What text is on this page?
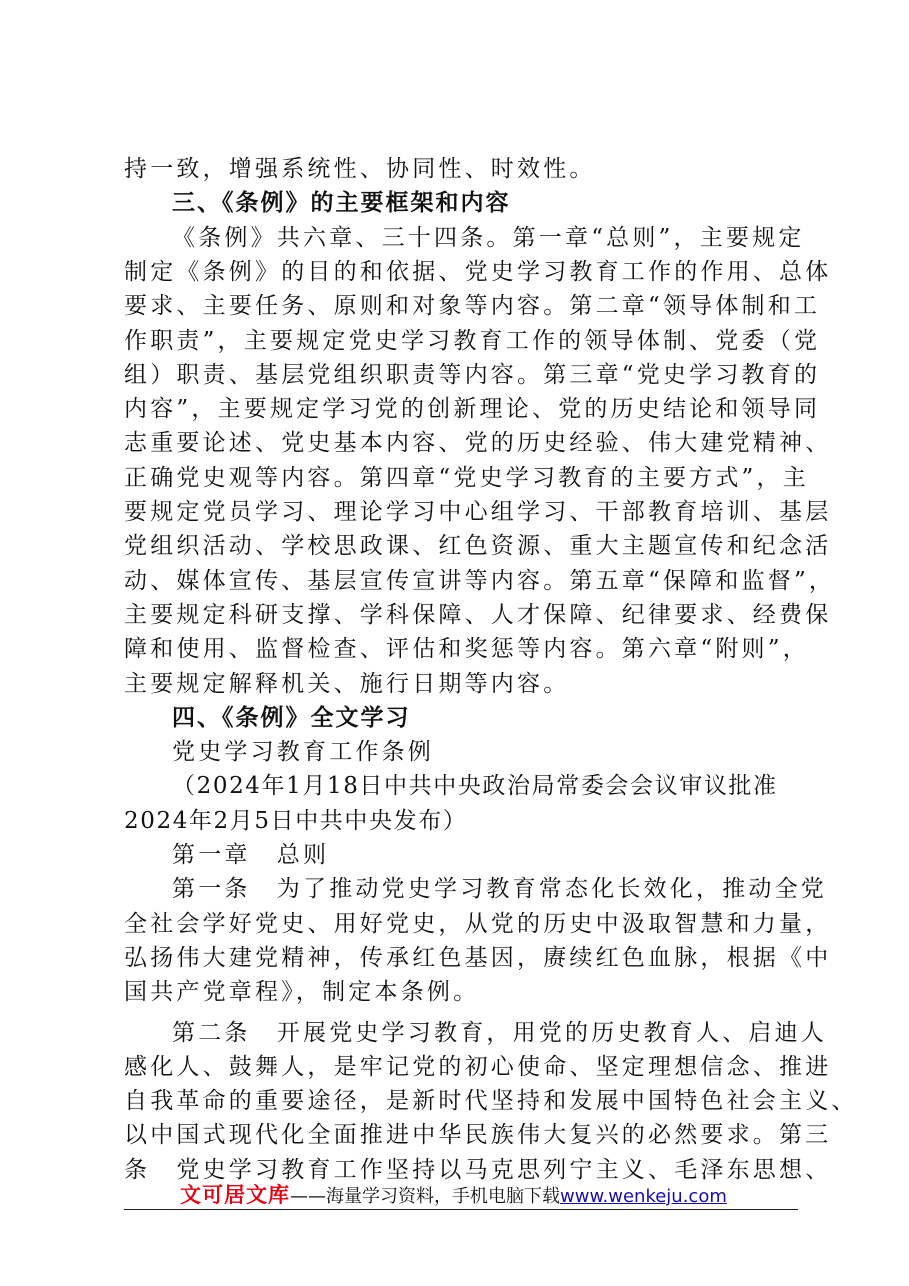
持一致，增强系统性、协同性、时效性。
三、《条例》的主要框架和内容
《条例》共六章、三十四条。第一章“总则”，主要规定
制定《条例》的目的和依据、党史学习教育工作的作用、总体
要求、主要任务、原则和对象等内容。第二章“领导体制和工
作职责”，主要规定党史学习教育工作的领导体制、党委（党
组）职责、基层党组织职责等内容。第三章“党史学习教育的
内容”，主要规定学习党的创新理论、党的历史结论和领导同
志重要论述、党史基本内容、党的历史经验、伟大建党精神、
正确党史观等内容。第四章“党史学习教育的主要方式”，主
要规定党员学习、理论学习中心组学习、干部教育培训、基层
党组织活动、学校思政课、红色资源、重大主题宣传和纪念活
动、媒体宣传、基层宣传宣讲等内容。第五章“保障和监督”，
主要规定科研支撑、学科保障、人才保障、纪律要求、经费保
障和使用、监督检查、评估和奖惩等内容。第六章“附则”，
主要规定解释机关、施行日期等内容。
四、《条例》全文学习
党史学习教育工作条例
（2024年1月18日中共中央政治局常委会会议审议批准
2024年2月5日中共中央发布）
第一章　总则
第一条　为了推动党史学习教育常态化长效化，推动全党
全社会学好党史、用好党史，从党的历史中汲取智慧和力量，
弘扬伟大建党精神，传承红色基因，赓续红色血脉，根据《中
国共产党章程》，制定本条例。
第二条　开展党史学习教育，用党的历史教育人、启迪人
感化人、鼓舞人，是牢记党的初心使命、坚定理想信念、推进
自我革命的重要途径，是新时代坚持和发展中国特色社会主义、
以中国式现代化全面推进中华民族伟大复兴的必然要求。第三
条　党史学习教育工作坚持以马克思列宁主义、毛泽东思想、
文可居文库——海量学习资料，手机电脑下载www.wenkeju.com
